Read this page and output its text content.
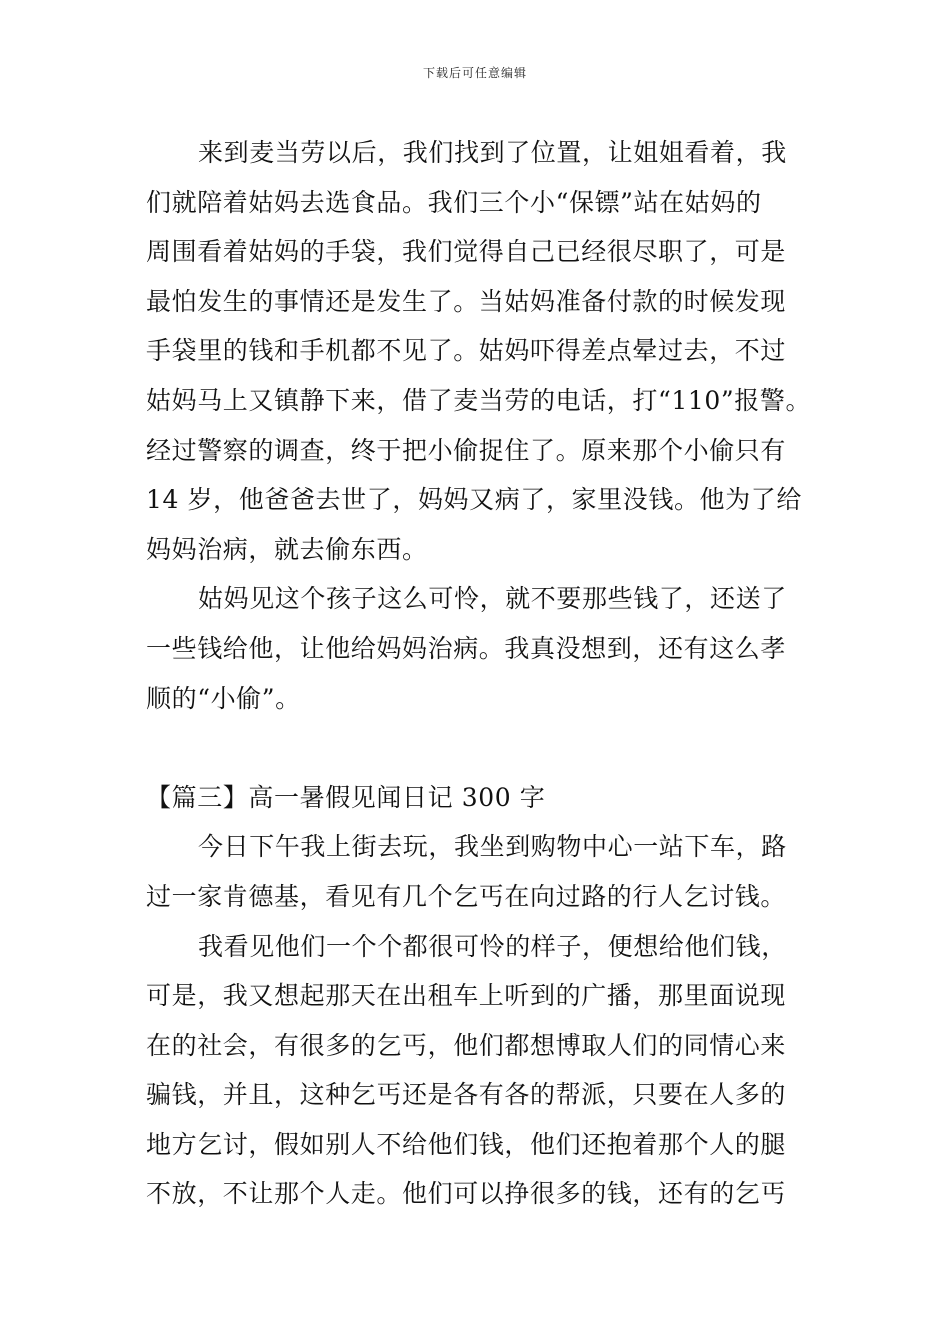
下载后可任意编辑
来到麦当劳以后，我们找到了位置，让姐姐看着，我
们就陪着姑妈去选食品。我们三个小“保镖”站在姑妈的
周围看着姑妈的手袋，我们觉得自己已经很尽职了，可是
最怕发生的事情还是发生了。当姑妈准备付款的时候发现
手袋里的钱和手机都不见了。姑妈吓得差点晕过去，不过
姑妈马上又镇静下来，借了麦当劳的电话，打“110”报警。
经过警察的调查，终于把小偷捉住了。原来那个小偷只有
14 岁，他爸爸去世了，妈妈又病了，家里没钱。他为了给
妈妈治病，就去偷东西。
姑妈见这个孩子这么可怜，就不要那些钱了，还送了
一些钱给他，让他给妈妈治病。我真没想到，还有这么孝
顺的“小偷”。
【篇三】高一暑假见闻日记 300 字
今日下午我上街去玩，我坐到购物中心一站下车，路
过一家肯德基，看见有几个乞丐在向过路的行人乞讨钱。
我看见他们一个个都很可怜的样子，便想给他们钱，
可是，我又想起那天在出租车上听到的广播，那里面说现
在的社会，有很多的乞丐，他们都想博取人们的同情心来
骗钱，并且，这种乞丐还是各有各的帮派，只要在人多的
地方乞讨，假如别人不给他们钱，他们还抱着那个人的腿
不放，不让那个人走。他们可以挣很多的钱，还有的乞丐
